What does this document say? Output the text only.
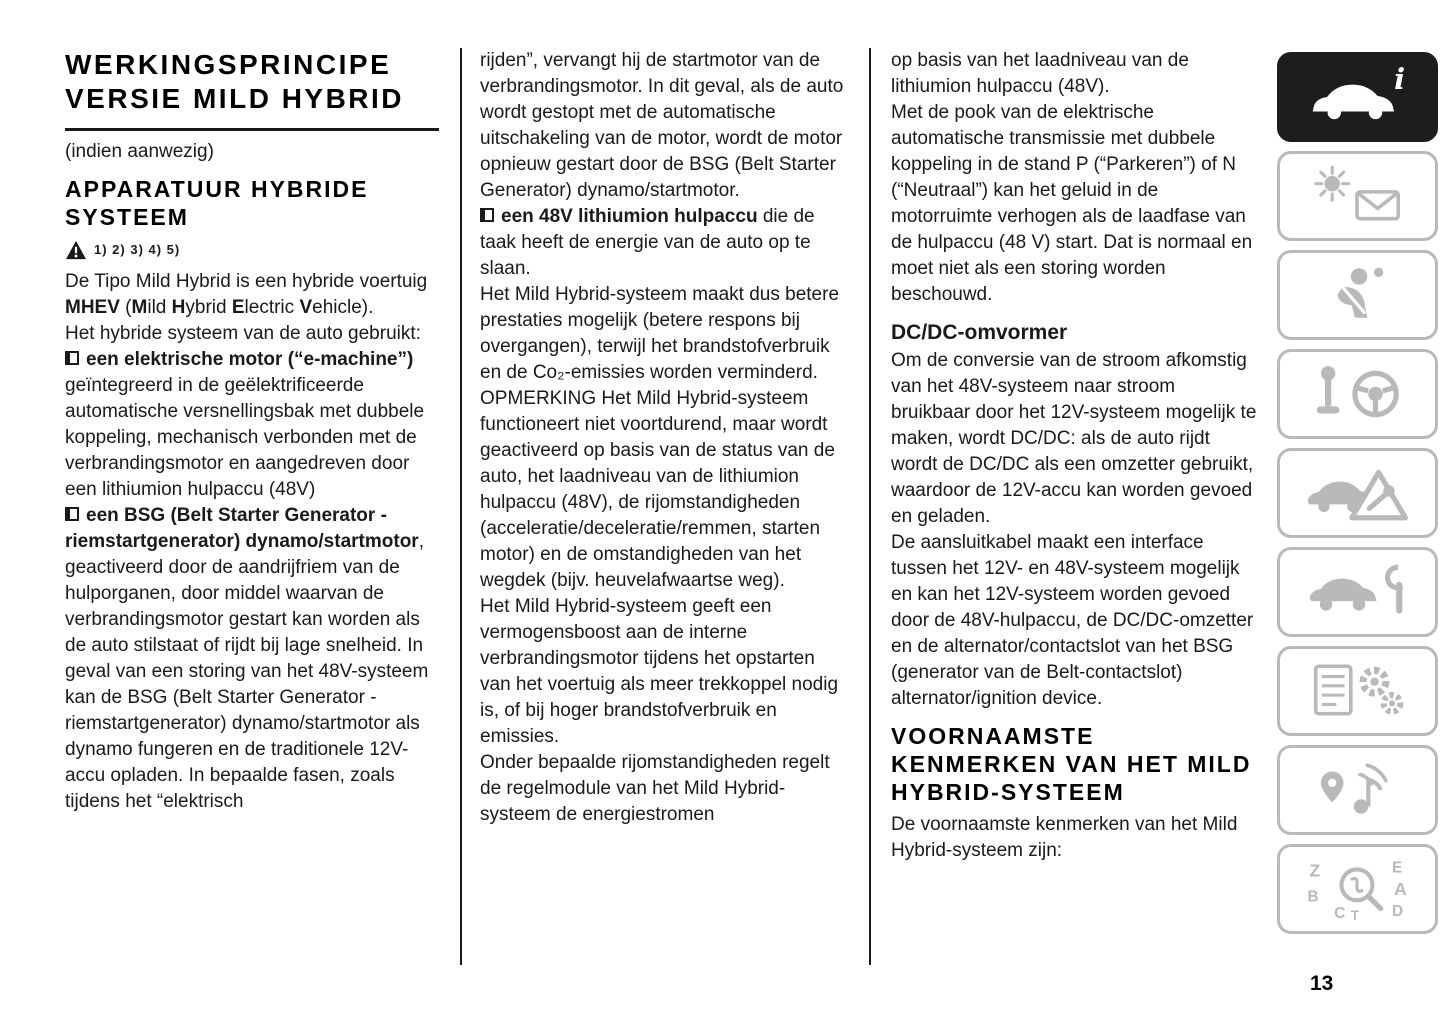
WERKINGSPRINCIPE VERSIE MILD HYBRID
(indien aanwezig)
APPARATUUR HYBRIDE SYSTEEM
1) 2) 3) 4) 5)
De Tipo Mild Hybrid is een hybride voertuig MHEV (Mild Hybrid Electric Vehicle).
Het hybride systeem van de auto gebruikt:
een elektrische motor (“e-machine”) geïntegreerd in de geëlektrificeerde automatische versnellingsbak met dubbele koppeling, mechanisch verbonden met de verbrandingsmotor en aangedreven door een lithiumion hulpaccu (48V)
een BSG (Belt Starter Generator - riemstartgenerator) dynamo/startmotor, geactiveerd door de aandrijfriem van de hulporganen, door middel waarvan de verbrandingsmotor gestart kan worden als de auto stilstaat of rijdt bij lage snelheid. In geval van een storing van het 48V-systeem kan de BSG (Belt Starter Generator - riemstartgenerator) dynamo/startmotor als dynamo fungeren en de traditionele 12V-accu opladen. In bepaalde fasen, zoals tijdens het “elektrisch
rijden”, vervangt hij de startmotor van de verbrandingsmotor. In dit geval, als de auto wordt gestopt met de automatische uitschakeling van de motor, wordt de motor opnieuw gestart door de BSG (Belt Starter Generator) dynamo/startmotor.
een 48V lithiumion hulpaccu die de taak heeft de energie van de auto op te slaan.
Het Mild Hybrid-systeem maakt dus betere prestaties mogelijk (betere respons bij overgangen), terwijl het brandstofverbruik en de Co₂-emissies worden verminderd.
OPMERKING Het Mild Hybrid-systeem functioneert niet voortdurend, maar wordt geactiveerd op basis van de status van de auto, het laadniveau van de lithiumion hulpaccu (48V), de rijomstandigheden (acceleratie/deceleratie/remmen, starten motor) en de omstandigheden van het wegdek (bijv. heuvelafwaartse weg).
Het Mild Hybrid-systeem geeft een vermogensboost aan de interne verbrandingsmotor tijdens het opstarten van het voertuig als meer trekkoppel nodig is, of bij hoger brandstofverbruik en emissies.
Onder bepaalde rijomstandigheden regelt de regelmodule van het Mild Hybrid-systeem de energiestromen
op basis van het laadniveau van de lithiumion hulpaccu (48V).
Met de pook van de elektrische automatische transmissie met dubbele koppeling in de stand P (“Parkeren”) of N (“Neutraal”) kan het geluid in de motorruimte verhogen als de laadfase van de hulpaccu (48 V) start. Dat is normaal en moet niet als een storing worden beschouwd.
DC/DC-omvormer
Om de conversie van de stroom afkomstig van het 48V-systeem naar stroom bruikbaar door het 12V-systeem mogelijk te maken, wordt DC/DC: als de auto rijdt wordt de DC/DC als een omzetter gebruikt, waardoor de 12V-accu kan worden gevoed en geladen.
De aansluitkabel maakt een interface tussen het 12V- en 48V-systeem mogelijk en kan het 12V-systeem worden gevoed door de 48V-hulpaccu, de DC/DC-omzetter en de alternator/contactslot van het BSG (generator van de Belt-contactslot) alternator/ignition device.
VOORNAAMSTE KENMERKEN VAN HET MILD HYBRID-SYSTEEM
De voornaamste kenmerken van het Mild Hybrid-systeem zijn:
i
Z	E
B	A
D
C T
13
